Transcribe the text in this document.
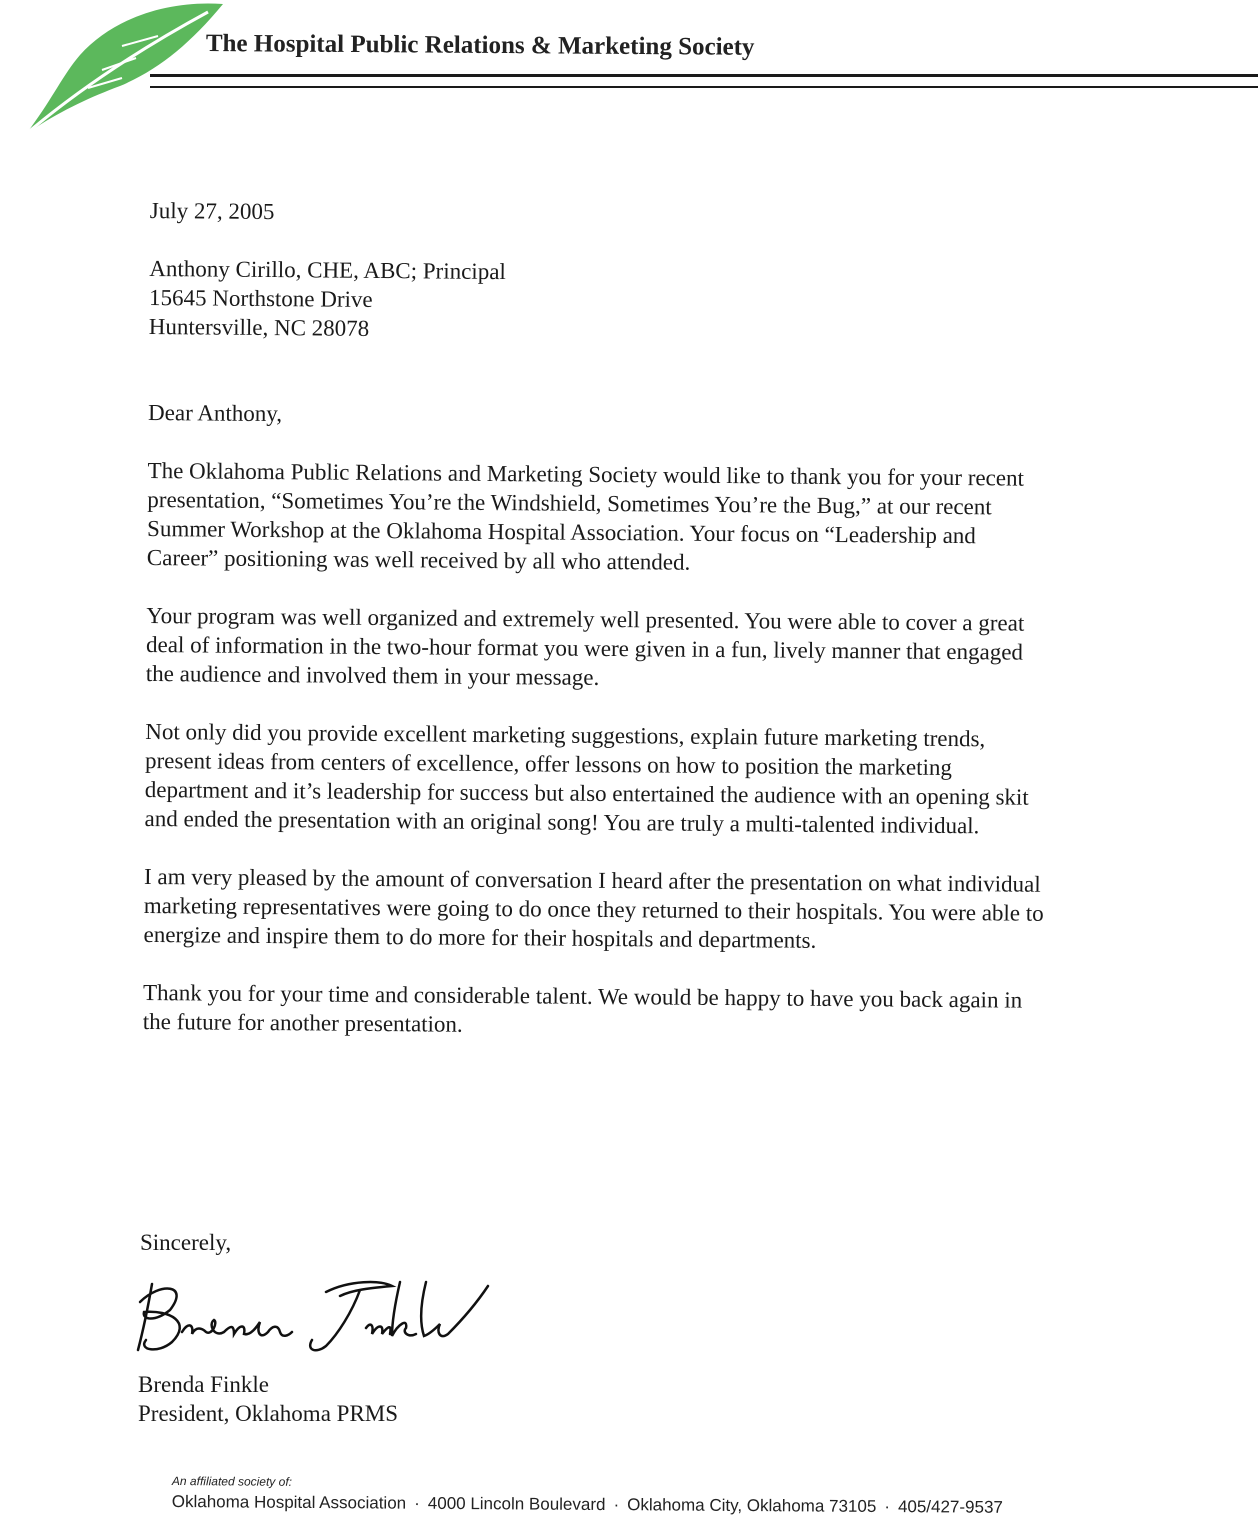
The Hospital Public Relations & Marketing Society

July 27, 2005

Anthony Cirillo, CHE, ABC; Principal

15645 Northstone Drive

Huntersville, NC 28078

Dear Anthony,

The Oklahoma Public Relations and Marketing Society would like to thank you for your recent presentation, “Sometimes You’re the Windshield, Sometimes You’re the Bug,” at our recent Summer Workshop at the Oklahoma Hospital Association. Your focus on “Leadership and Career” positioning was well received by all who attended.

Your program was well organized and extremely well presented. You were able to cover a great deal of information in the two-hour format you were given in a fun, lively manner that engaged the audience and involved them in your message.

Not only did you provide excellent marketing suggestions, explain future marketing trends, present ideas from centers of excellence, offer lessons on how to position the marketing department and it’s leadership for success but also entertained the audience with an opening skit and ended the presentation with an original song! You are truly a multi-talented individual.

I am very pleased by the amount of conversation I heard after the presentation on what individual marketing representatives were going to do once they returned to their hospitals. You were able to energize and inspire them to do more for their hospitals and departments.

Thank you for your time and considerable talent. We would be happy to have you back again in the future for another presentation.

Sincerely,
Brenda Finkle
President, Oklahoma PRMS
An affiliated society of:
Oklahoma Hospital Association · 4000 Lincoln Boulevard · Oklahoma City, Oklahoma 73105 · 405/427-9537
